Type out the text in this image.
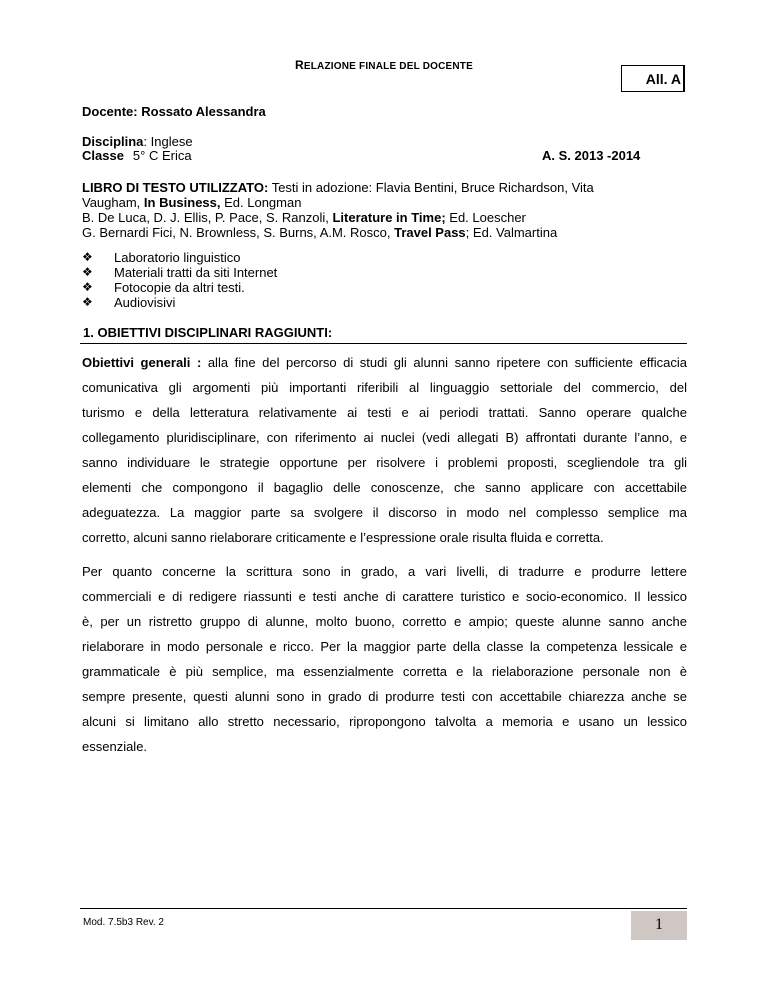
RELAZIONE FINALE DEL DOCENTE
All. A
Docente: Rossato Alessandra
Disciplina: Inglese
Classe 5° C Erica	A. S. 2013 -2014
LIBRO DI TESTO UTILIZZATO: Testi in adozione: Flavia Bentini, Bruce Richardson, Vita
Vaugham, In Business, Ed. Longman
B. De Luca, D. J. Ellis, P. Pace, S. Ranzoli, Literature in Time; Ed. Loescher
G. Bernardi Fici, N. Brownless, S. Burns, A.M. Rosco, Travel Pass; Ed. Valmartina
❖ Laboratorio linguistico
❖ Materiali tratti da siti Internet
❖ Fotocopie da altri testi.
❖ Audiovisivi
1. OBIETTIVI DISCIPLINARI RAGGIUNTI:
Obiettivi generali : alla fine del percorso di studi gli alunni sanno ripetere con sufficiente efficacia
comunicativa gli argomenti più importanti riferibili al linguaggio settoriale del commercio, del
turismo e della letteratura relativamente ai testi e ai periodi trattati. Sanno operare qualche
collegamento pluridisciplinare, con riferimento ai nuclei (vedi allegati B) affrontati durante l’anno, e
sanno individuare le strategie opportune per risolvere i problemi proposti, scegliendole tra gli
elementi che compongono il bagaglio delle conoscenze, che sanno applicare con accettabile
adeguatezza. La maggior parte sa svolgere il discorso in modo nel complesso semplice ma
corretto, alcuni sanno rielaborare criticamente e l’espressione orale risulta fluida e corretta.
Per quanto concerne la scrittura sono in grado, a vari livelli, di tradurre e produrre lettere
commerciali e di redigere riassunti e testi anche di carattere turistico e socio-economico. Il lessico
è, per un ristretto gruppo di alunne, molto buono, corretto e ampio; queste alunne sanno anche
rielaborare in modo personale e ricco. Per la maggior parte della classe la competenza lessicale e
grammaticale è più semplice, ma essenzialmente corretta e la rielaborazione personale non è
sempre presente, questi alunni sono in grado di produrre testi con accettabile chiarezza anche se
alcuni si limitano allo stretto necessario, ripropongono talvolta a memoria e usano un lessico
essenziale.
Mod. 7.5b3 Rev. 2	1
